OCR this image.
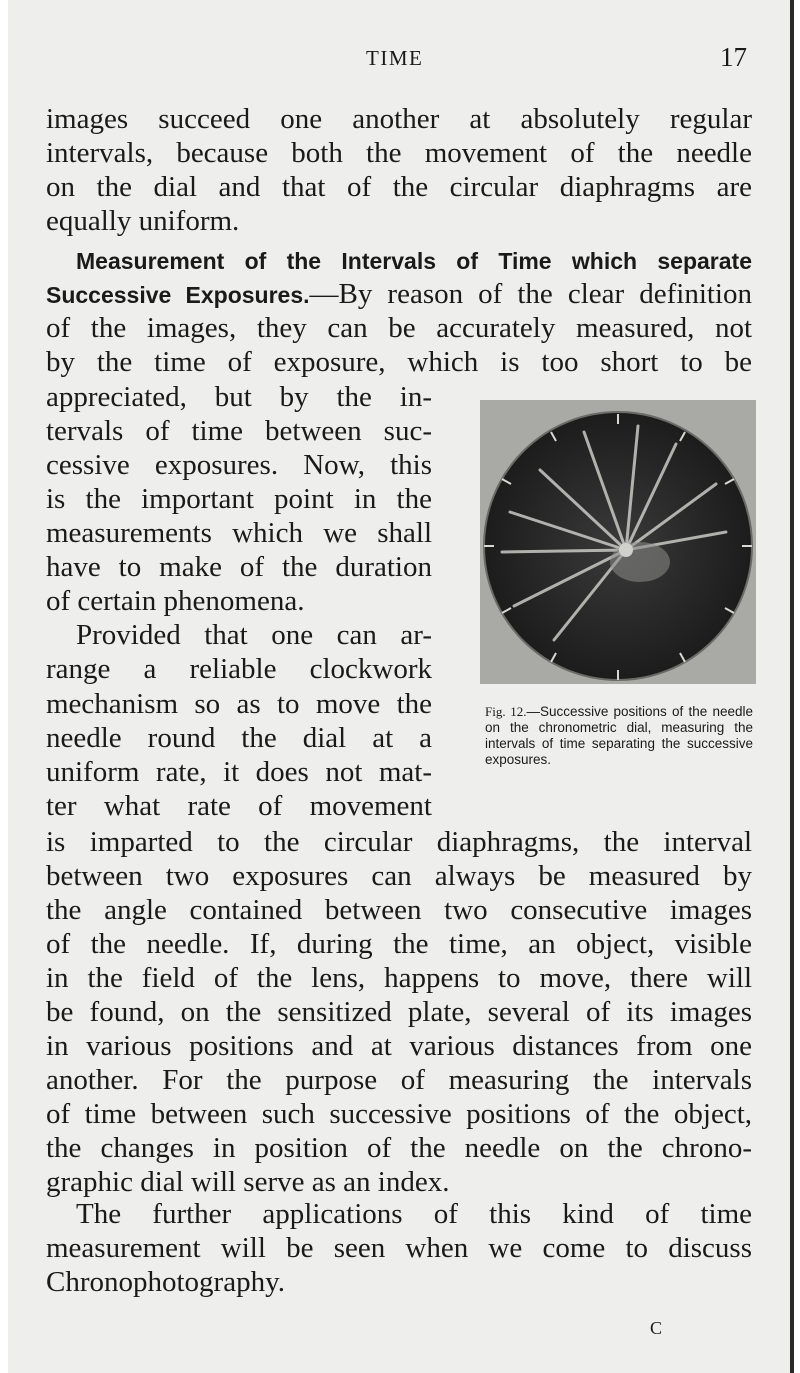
TIME	17
images succeed one another at absolutely regular
intervals, because both the movement of the needle
on the dial and that of the circular diaphragms are
equally uniform.
Measurement of the Intervals of Time which separate
Successive Exposures.—By reason of the clear definition
of the images, they can be accurately measured, not
by the time of exposure, which is too short to be
appreciated, but by the in-
tervals of time between suc-
cessive exposures. Now, this
is the important point in the
measurements which we shall
have to make of the duration
of certain phenomena.
Provided that one can ar-
range a reliable clockwork
mechanism so as to move the
needle round the dial at a
uniform rate, it does not mat-
ter what rate of movement
Fig. 12.—Successive positions of the needle on the chronometric dial, measuring the intervals of time separating the successive exposures.
is imparted to the circular diaphragms, the interval
between two exposures can always be measured by
the angle contained between two consecutive images
of the needle. If, during the time, an object, visible
in the field of the lens, happens to move, there will
be found, on the sensitized plate, several of its images
in various positions and at various distances from one
another. For the purpose of measuring the intervals
of time between such successive positions of the object,
the changes in position of the needle on the chrono-
graphic dial will serve as an index.
The further applications of this kind of time
measurement will be seen when we come to discuss
Chronophotography.
C
